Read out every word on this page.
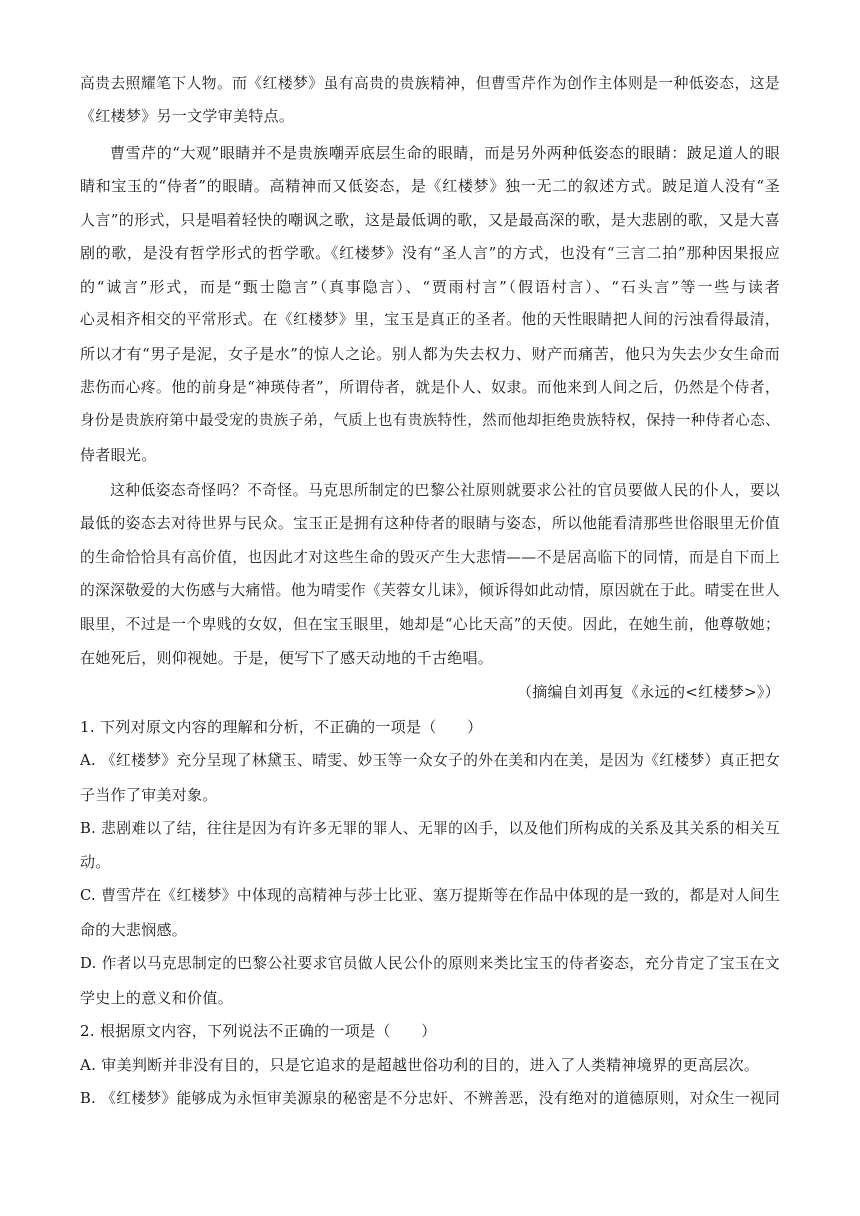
高贵去照耀笔下人物。而《红楼梦》虽有高贵的贵族精神，但曹雪芹作为创作主体则是一种低姿态，这是
《红楼梦》另一文学审美特点。
曹雪芹的“大观”眼睛并不是贵族嘲弄底层生命的眼睛，而是另外两种低姿态的眼睛：跛足道人的眼
睛和宝玉的“侍者”的眼睛。高精神而又低姿态，是《红楼梦》独一无二的叙述方式。跛足道人没有“圣
人言”的形式，只是唱着轻快的嘲讽之歌，这是最低调的歌，又是最高深的歌，是大悲剧的歌，又是大喜
剧的歌，是没有哲学形式的哲学歌。《红楼梦》没有“圣人言”的方式，也没有“三言二拍”那种因果报应
的“诚言”形式，而是“甄士隐言”（真事隐言）、“贾雨村言”（假语村言）、“石头言”等一些与读者
心灵相齐相交的平常形式。在《红楼梦》里，宝玉是真正的圣者。他的天性眼睛把人间的污浊看得最清，
所以才有“男子是泥，女子是水”的惊人之论。别人都为失去权力、财产而痛苦，他只为失去少女生命而
悲伤而心疼。他的前身是“神瑛侍者”，所谓侍者，就是仆人、奴隶。而他来到人间之后，仍然是个侍者，
身份是贵族府第中最受宠的贵族子弟，气质上也有贵族特性，然而他却拒绝贵族特权，保持一种侍者心态、
侍者眼光。
这种低姿态奇怪吗？不奇怪。马克思所制定的巴黎公社原则就要求公社的官员要做人民的仆人，要以
最低的姿态去对待世界与民众。宝玉正是拥有这种侍者的眼睛与姿态，所以他能看清那些世俗眼里无价值
的生命恰恰具有高价值，也因此才对这些生命的毁灭产生大悲情——不是居高临下的同情，而是自下而上
的深深敬爱的大伤感与大痛惜。他为晴雯作《芙蓉女儿诔》，倾诉得如此动情，原因就在于此。晴雯在世人
眼里，不过是一个卑贱的女奴，但在宝玉眼里，她却是“心比天高”的天使。因此，在她生前，他尊敬她；
在她死后，则仰视她。于是，便写下了感天动地的千古绝唱。
（摘编自刘再复《永远的<红楼梦>》）
1. 下列对原文内容的理解和分析，不正确的一项是（　　）
A. 《红楼梦》充分呈现了林黛玉、晴雯、妙玉等一众女子的外在美和内在美，是因为《红楼梦）真正把女
子当作了审美对象。
B. 悲剧难以了结，往往是因为有许多无罪的罪人、无罪的凶手，以及他们所构成的关系及其关系的相关互
动。
C. 曹雪芹在《红楼梦》中体现的高精神与莎士比亚、塞万提斯等在作品中体现的是一致的，都是对人间生
命的大悲悯感。
D. 作者以马克思制定的巴黎公社要求官员做人民公仆的原则来类比宝玉的侍者姿态，充分肯定了宝玉在文
学史上的意义和价值。
2. 根据原文内容，下列说法不正确的一项是（　　）
A. 审美判断并非没有目的，只是它追求的是超越世俗功利的目的，进入了人类精神境界的更高层次。
B. 《红楼梦》能够成为永恒审美源泉的秘密是不分忠奸、不辨善恶，没有绝对的道德原则，对众生一视同
